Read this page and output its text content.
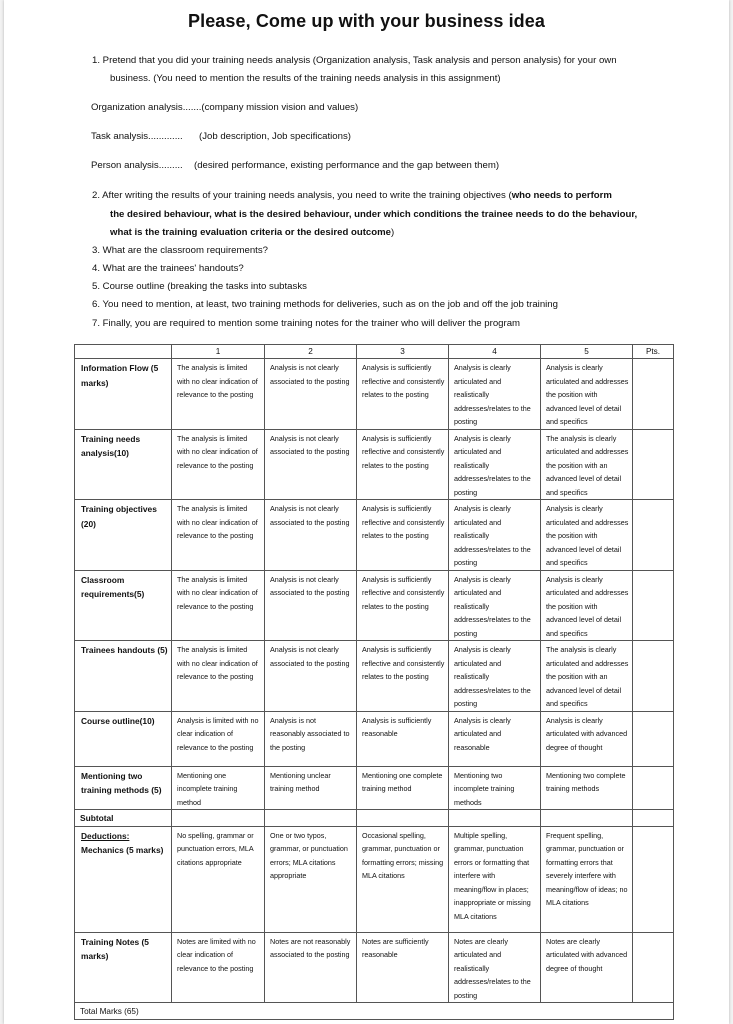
Please, Come up with your business idea
1. Pretend that you did your training needs analysis (Organization analysis, Task analysis and person analysis) for your own
business. (You need to mention the results of the training needs analysis in this assignment)
Organization analysis.......(company mission vision and values)
Task analysis............. (Job description, Job specifications)
Person analysis......... (desired performance, existing performance and the gap between them)
2. After writing the results of your training needs analysis, you need to write the training objectives (who needs to perform
the desired behaviour, what is the desired behaviour, under which conditions the trainee needs to do the behaviour,
what is the training evaluation criteria or the desired outcome)
3. What are the classroom requirements?
4. What are the trainees' handouts?
5. Course outline (breaking the tasks into subtasks
6. You need to mention, at least, two training methods for deliveries, such as on the job and off the job training
7. Finally, you are required to mention some training notes for the trainer who will deliver the program
	1	2	3	4	5	Pts.
Information Flow (5 marks)	The analysis is limited with no clear indication of relevance to the posting	Analysis is not clearly associated to the posting	Analysis is sufficiently reflective and consistently relates to the posting	Analysis is clearly articulated and realistically addresses/relates to the posting	Analysis is clearly articulated and addresses the position with advanced level of detail and specifics	
Training needs analysis(10)	The analysis is limited with no clear indication of relevance to the posting	Analysis is not clearly associated to the posting	Analysis is sufficiently reflective and consistently relates to the posting	Analysis is clearly articulated and realistically addresses/relates to the posting	The analysis is clearly articulated and addresses the position with an advanced level of detail and specifics	
Training objectives (20)	The analysis is limited with no clear indication of relevance to the posting	Analysis is not clearly associated to the posting	Analysis is sufficiently reflective and consistently relates to the posting	Analysis is clearly articulated and realistically addresses/relates to the posting	Analysis is clearly articulated and addresses the position with advanced level of detail and specifics	
Classroom requirements(5)	The analysis is limited with no clear indication of relevance to the posting	Analysis is not clearly associated to the posting	Analysis is sufficiently reflective and consistently relates to the posting	Analysis is clearly articulated and realistically addresses/relates to the posting	Analysis is clearly articulated and addresses the position with advanced level of detail and specifics	
Trainees handouts (5)	The analysis is limited with no clear indication of relevance to the posting	Analysis is not clearly associated to the posting	Analysis is sufficiently reflective and consistently relates to the posting	Analysis is clearly articulated and realistically addresses/relates to the posting	The analysis is clearly articulated and addresses the position with an advanced level of detail and specifics	
Course outline(10)	Analysis is limited with no clear indication of relevance to the posting	Analysis is not reasonably associated to the posting	Analysis is sufficiently reasonable	Analysis is clearly articulated and reasonable	Analysis is clearly articulated with advanced degree of thought	
Mentioning two training methods (5)	Mentioning one incomplete training method	Mentioning unclear training method	Mentioning one complete training method	Mentioning two incomplete training methods	Mentioning two complete training methods	
Subtotal						
Deductions:
Mechanics (5 marks)	No spelling, grammar or punctuation errors, MLA citations appropriate	One or two typos, grammar, or punctuation errors; MLA citations appropriate	Occasional spelling, grammar, punctuation or formatting errors; missing MLA citations	Multiple spelling, grammar, punctuation errors or formatting that interfere with meaning/flow in places; inappropriate or missing MLA citations	Frequent spelling, grammar, punctuation or formatting errors that severely interfere with meaning/flow of ideas; no MLA citations	
Training Notes (5 marks)	Notes are limited with no clear indication of relevance to the posting	Notes are not reasonably associated to the posting	Notes are sufficiently reasonable	Notes are clearly articulated and realistically addresses/relates to the posting	Notes are clearly articulated with advanced degree of thought	
Total Marks (65)						
